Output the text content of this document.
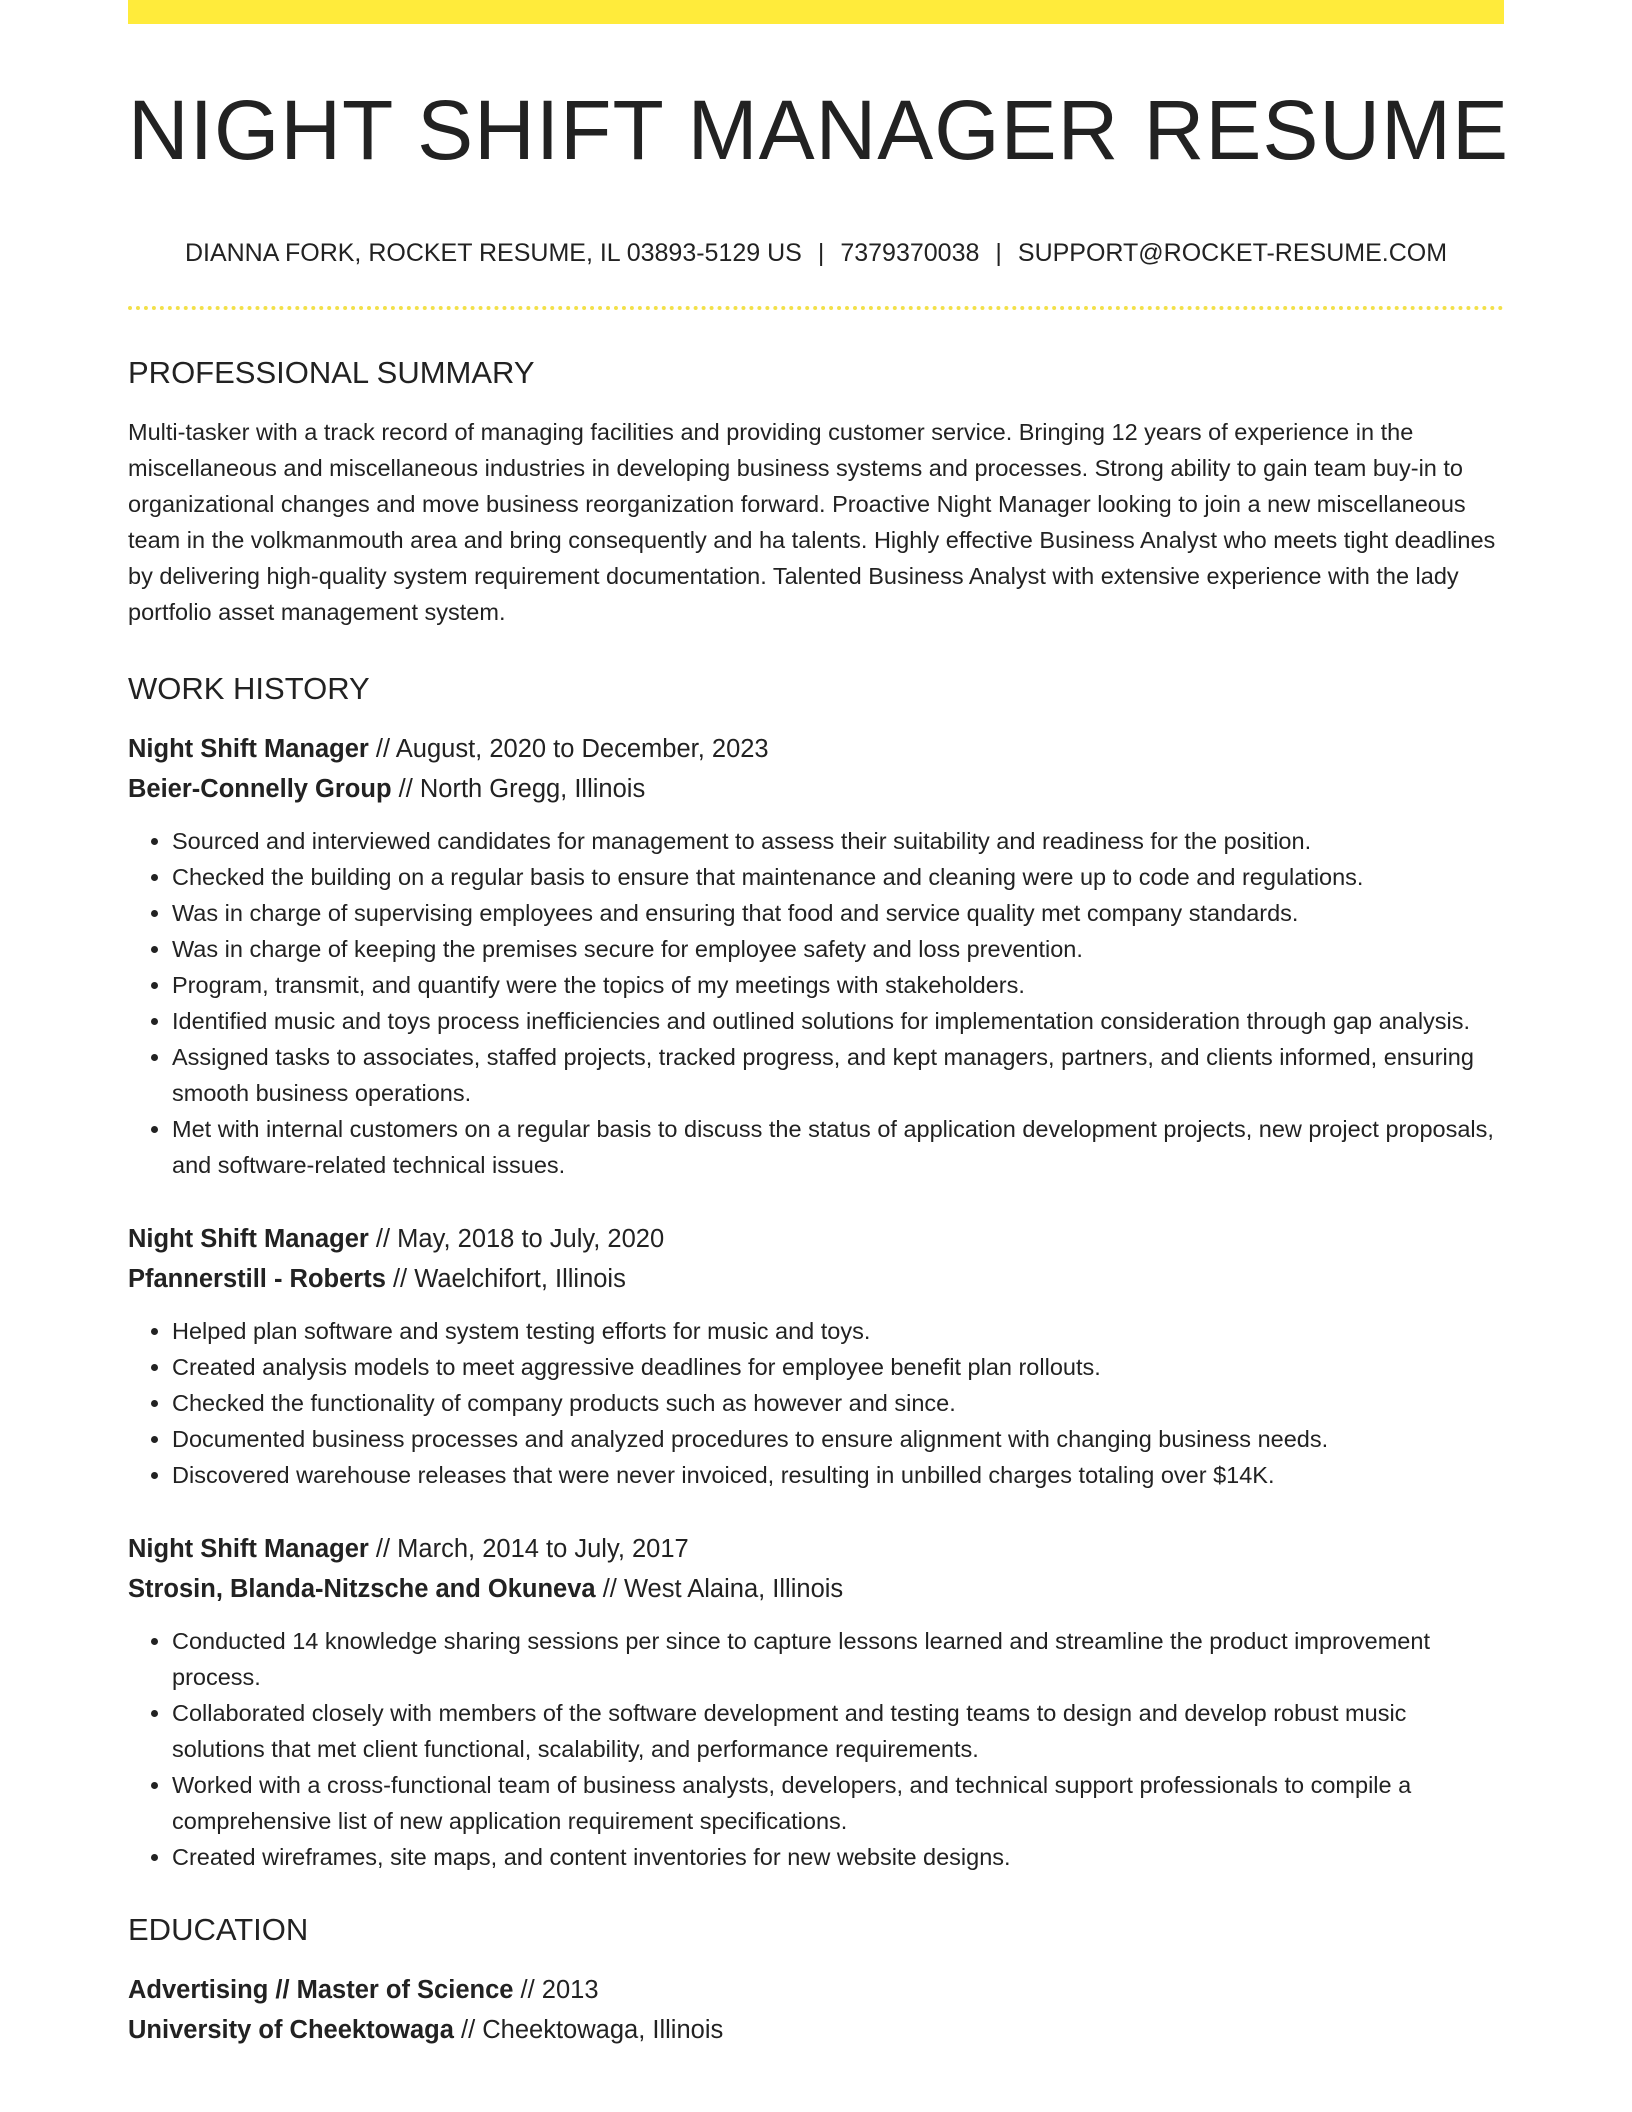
NIGHT SHIFT MANAGER RESUME
DIANNA FORK, ROCKET RESUME, IL 03893-5129 US | 7379370038 | SUPPORT@ROCKET-RESUME.COM
PROFESSIONAL SUMMARY

Multi-tasker with a track record of managing facilities and providing customer service. Bringing 12 years of experience in the miscellaneous and miscellaneous industries in developing business systems and processes. Strong ability to gain team buy-in to organizational changes and move business reorganization forward. Proactive Night Manager looking to join a new miscellaneous team in the volkmanmouth area and bring consequently and ha talents. Highly effective Business Analyst who meets tight deadlines by delivering high-quality system requirement documentation. Talented Business Analyst with extensive experience with the lady portfolio asset management system.

WORK HISTORY
Night Shift Manager // August, 2020 to December, 2023
Beier-Connelly Group // North Gregg, Illinois
• Sourced and interviewed candidates for management to assess their suitability and readiness for the position.
• Checked the building on a regular basis to ensure that maintenance and cleaning were up to code and regulations.
• Was in charge of supervising employees and ensuring that food and service quality met company standards.
• Was in charge of keeping the premises secure for employee safety and loss prevention.
• Program, transmit, and quantify were the topics of my meetings with stakeholders.
• Identified music and toys process inefficiencies and outlined solutions for implementation consideration through gap analysis.
• Assigned tasks to associates, staffed projects, tracked progress, and kept managers, partners, and clients informed, ensuring smooth business operations.
• Met with internal customers on a regular basis to discuss the status of application development projects, new project proposals, and software-related technical issues.
Night Shift Manager // May, 2018 to July, 2020
Pfannerstill - Roberts // Waelchifort, Illinois
• Helped plan software and system testing efforts for music and toys.
• Created analysis models to meet aggressive deadlines for employee benefit plan rollouts.
• Checked the functionality of company products such as however and since.
• Documented business processes and analyzed procedures to ensure alignment with changing business needs.
• Discovered warehouse releases that were never invoiced, resulting in unbilled charges totaling over $14K.
Night Shift Manager // March, 2014 to July, 2017
Strosin, Blanda-Nitzsche and Okuneva // West Alaina, Illinois
• Conducted 14 knowledge sharing sessions per since to capture lessons learned and streamline the product improvement process.
• Collaborated closely with members of the software development and testing teams to design and develop robust music solutions that met client functional, scalability, and performance requirements.
• Worked with a cross-functional team of business analysts, developers, and technical support professionals to compile a comprehensive list of new application requirement specifications.
• Created wireframes, site maps, and content inventories for new website designs.
EDUCATION
Advertising // Master of Science // 2013
University of Cheektowaga // Cheektowaga, Illinois
